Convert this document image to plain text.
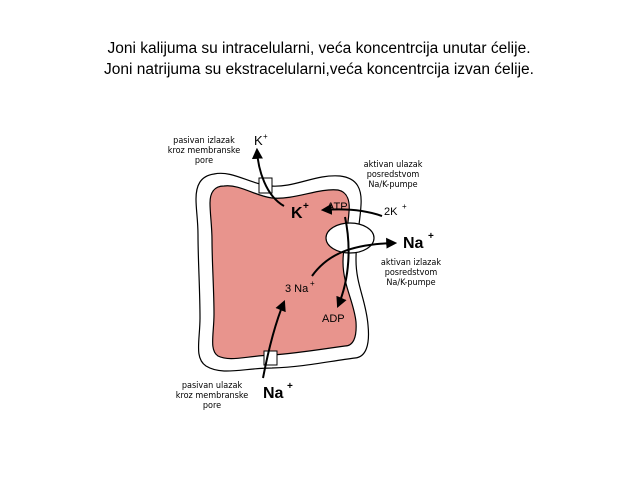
Joni kalijuma su intracelularni, veća koncentrcija unutar ćelije.
Joni natrijuma su ekstracelularni,veća koncentrcija izvan ćelije.
pasivan izlazak
kroz membranske
pore
K +
aktivan ulazak
posredstvom
Na/K-pumpe
K + ATP	2K +
Na +
aktivan izlazak
posredstvom
Na/K-pumpe
3 Na +
ADP
pasivan ulazak
kroz membranske
pore
Na +
